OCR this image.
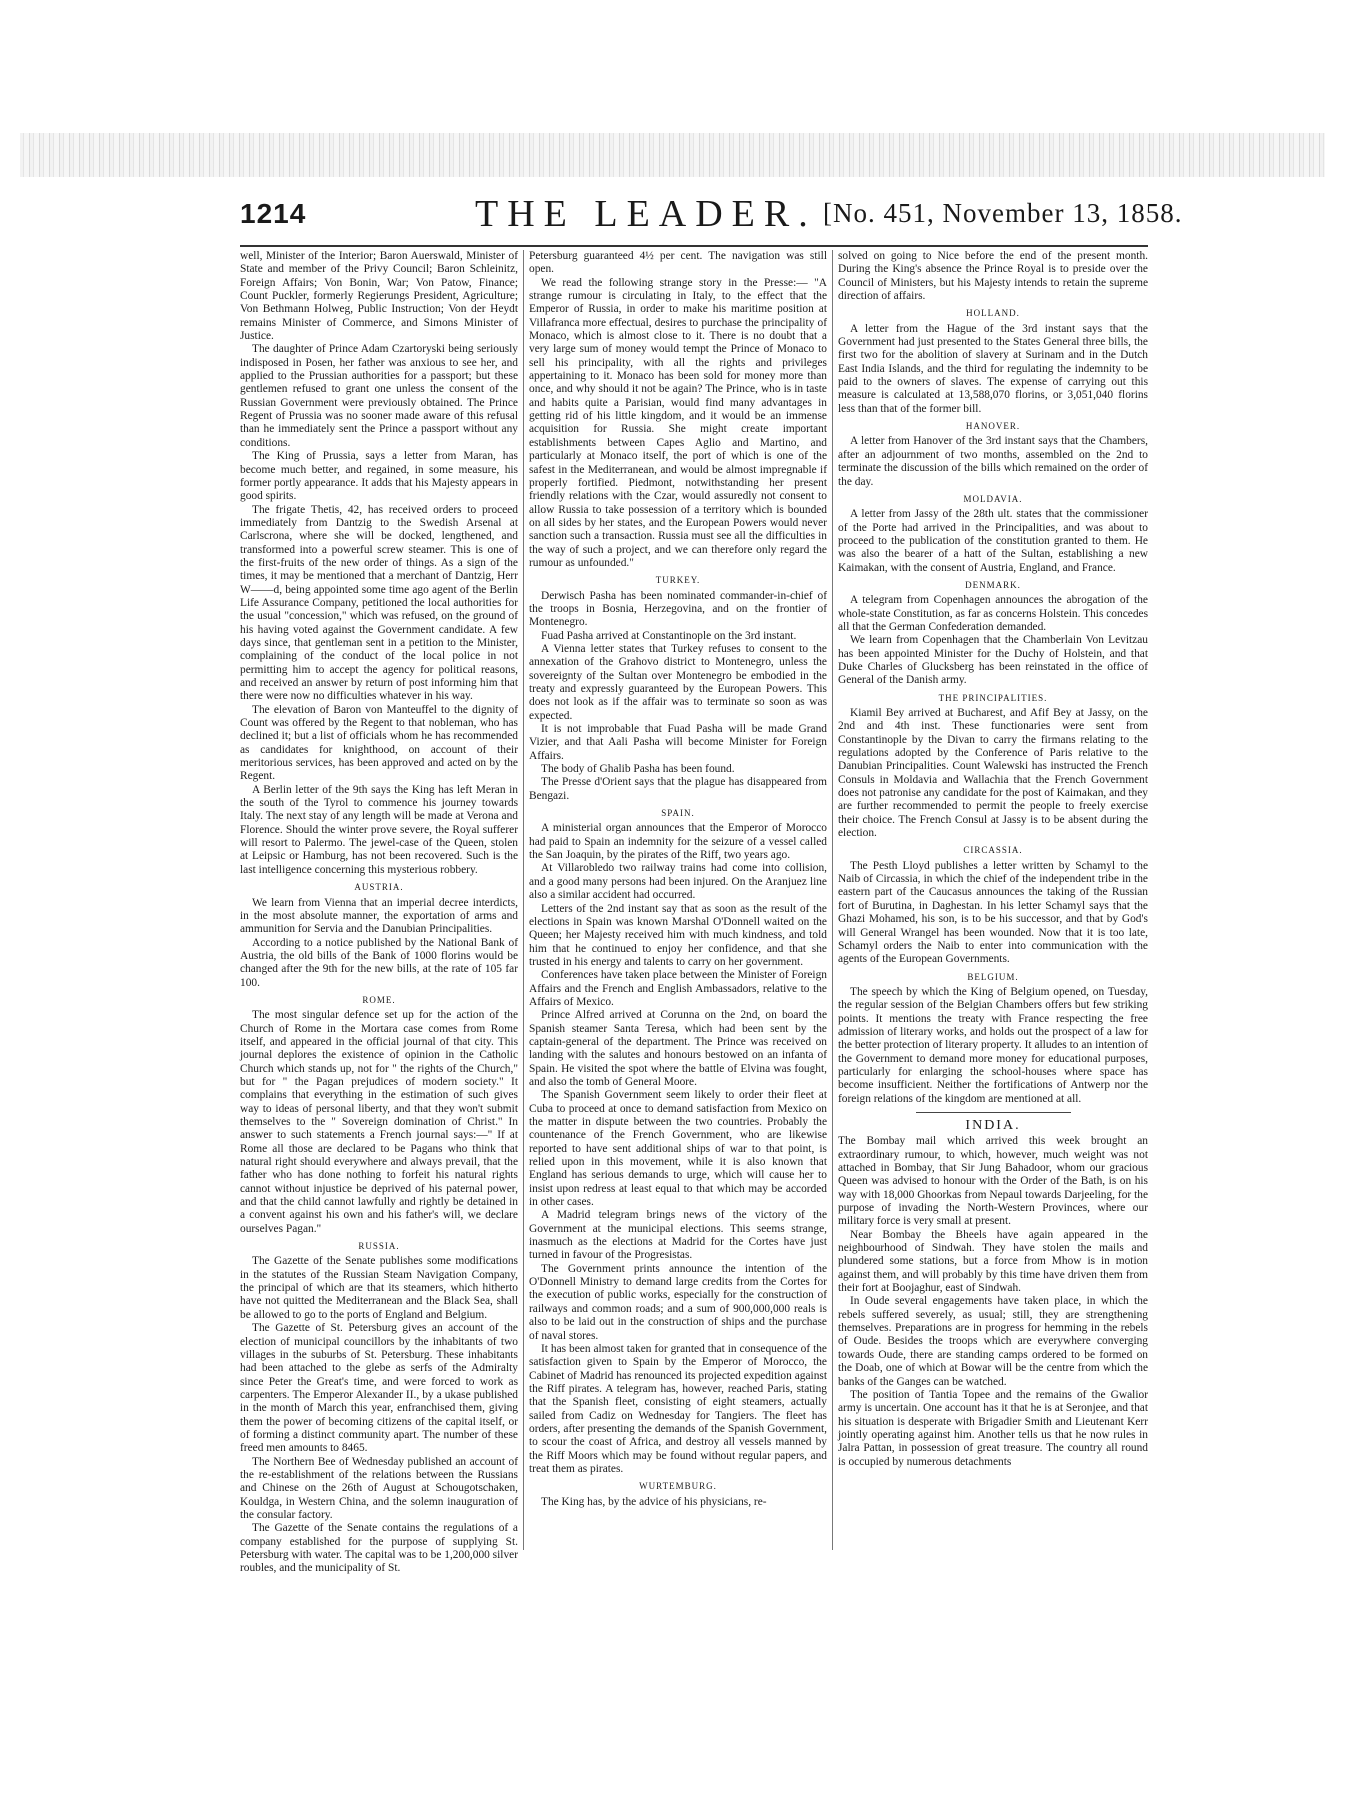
1214	THE LEADER. [No. 451, November 13, 1858.

well, Minister of the Interior; Baron Auerswald, Minister of State and member of the Privy Council; Baron Schleinitz, Foreign Affairs; Von Bonin, War; Von Patow, Finance; Count Puckler, formerly Regierungs President, Agriculture; Von Bethmann Holweg, Public Instruction; Von der Heydt remains Minister of Commerce, and Simons Minister of Justice.

The daughter of Prince Adam Czartoryski being seriously indisposed in Posen, her father was anxious to see her, and applied to the Prussian authorities for a passport; but these gentlemen refused to grant one unless the consent of the Russian Government were previously obtained. The Prince Regent of Prussia was no sooner made aware of this refusal than he immediately sent the Prince a passport without any conditions.

The King of Prussia, says a letter from Maran, has become much better, and regained, in some measure, his former portly appearance. It adds that his Majesty appears in good spirits.

The frigate Thetis, 42, has received orders to proceed immediately from Dantzig to the Swedish Arsenal at Carlscrona, where she will be docked, lengthened, and transformed into a powerful screw steamer. This is one of the first-fruits of the new order of things. As a sign of the times, it may be mentioned that a merchant of Dantzig, Herr W——d, being appointed some time ago agent of the Berlin Life Assurance Company, petitioned the local authorities for the usual "concession," which was refused, on the ground of his having voted against the Government candidate. A few days since, that gentleman sent in a petition to the Minister, complaining of the conduct of the local police in not permitting him to accept the agency for political reasons, and received an answer by return of post informing him that there were now no difficulties whatever in his way.

The elevation of Baron von Manteuffel to the dignity of Count was offered by the Regent to that nobleman, who has declined it; but a list of officials whom he has recommended as candidates for knighthood, on account of their meritorious services, has been approved and acted on by the Regent.

A Berlin letter of the 9th says the King has left Meran in the south of the Tyrol to commence his journey towards Italy. The next stay of any length will be made at Verona and Florence. Should the winter prove severe, the Royal sufferer will resort to Palermo. The jewel-case of the Queen, stolen at Leipsic or Hamburg, has not been recovered. Such is the last intelligence concerning this mysterious robbery.

AUSTRIA.

We learn from Vienna that an imperial decree interdicts, in the most absolute manner, the exportation of arms and ammunition for Servia and the Danubian Principalities.

According to a notice published by the National Bank of Austria, the old bills of the Bank of 1000 florins would be changed after the 9th for the new bills, at the rate of 105 far 100.

ROME.

The most singular defence set up for the action of the Church of Rome in the Mortara case comes from Rome itself, and appeared in the official journal of that city. This journal deplores the existence of opinion in the Catholic Church which stands up, not for " the rights of the Church," but for " the Pagan prejudices of modern society." It complains that everything in the estimation of such gives way to ideas of personal liberty, and that they won't submit themselves to the " Sovereign domination of Christ." In answer to such statements a French journal says:—" If at Rome all those are declared to be Pagans who think that natural right should everywhere and always prevail, that the father who has done nothing to forfeit his natural rights cannot without injustice be deprived of his paternal power, and that the child cannot lawfully and rightly be detained in a convent against his own and his father's will, we declare ourselves Pagan."

RUSSIA.

The Gazette of the Senate publishes some modifications in the statutes of the Russian Steam Navigation Company, the principal of which are that its steamers, which hitherto have not quitted the Mediterranean and the Black Sea, shall be allowed to go to the ports of England and Belgium.

The Gazette of St. Petersburg gives an account of the election of municipal councillors by the inhabitants of two villages in the suburbs of St. Petersburg. These inhabitants had been attached to the glebe as serfs of the Admiralty since Peter the Great's time, and were forced to work as carpenters. The Emperor Alexander II., by a ukase published in the month of March this year, enfranchised them, giving them the power of becoming citizens of the capital itself, or of forming a distinct community apart. The number of these freed men amounts to 8465.

The Northern Bee of Wednesday published an account of the re-establishment of the relations between the Russians and Chinese on the 26th of August at Schougotschaken, Kouldga, in Western China, and the solemn inauguration of the consular factory.

The Gazette of the Senate contains the regulations of a company established for the purpose of supplying St. Petersburg with water. The capital was to be 1,200,000 silver roubles, and the municipality of St.

Petersburg guaranteed 4½ per cent. The navigation was still open.

We read the following strange story in the Presse:— "A strange rumour is circulating in Italy, to the effect that the Emperor of Russia, in order to make his maritime position at Villafranca more effectual, desires to purchase the principality of Monaco, which is almost close to it. There is no doubt that a very large sum of money would tempt the Prince of Monaco to sell his principality, with all the rights and privileges appertaining to it. Monaco has been sold for money more than once, and why should it not be again? The Prince, who is in taste and habits quite a Parisian, would find many advantages in getting rid of his little kingdom, and it would be an immense acquisition for Russia. She might create important establishments between Capes Aglio and Martino, and particularly at Monaco itself, the port of which is one of the safest in the Mediterranean, and would be almost impregnable if properly fortified. Piedmont, notwithstanding her present friendly relations with the Czar, would assuredly not consent to allow Russia to take possession of a territory which is bounded on all sides by her states, and the European Powers would never sanction such a transaction. Russia must see all the difficulties in the way of such a project, and we can therefore only regard the rumour as unfounded."

TURKEY.

Derwisch Pasha has been nominated commander-in-chief of the troops in Bosnia, Herzegovina, and on the frontier of Montenegro.

Fuad Pasha arrived at Constantinople on the 3rd instant.

A Vienna letter states that Turkey refuses to consent to the annexation of the Grahovo district to Montenegro, unless the sovereignty of the Sultan over Montenegro be embodied in the treaty and expressly guaranteed by the European Powers. This does not look as if the affair was to terminate so soon as was expected.

It is not improbable that Fuad Pasha will be made Grand Vizier, and that Aali Pasha will become Minister for Foreign Affairs.

The body of Ghalib Pasha has been found.

The Presse d'Orient says that the plague has disappeared from Bengazi.

SPAIN.

A ministerial organ announces that the Emperor of Morocco had paid to Spain an indemnity for the seizure of a vessel called the San Joaquin, by the pirates of the Riff, two years ago.

At Villarobledo two railway trains had come into collision, and a good many persons had been injured. On the Aranjuez line also a similar accident had occurred.

Letters of the 2nd instant say that as soon as the result of the elections in Spain was known Marshal O'Donnell waited on the Queen; her Majesty received him with much kindness, and told him that he continued to enjoy her confidence, and that she trusted in his energy and talents to carry on her government.

Conferences have taken place between the Minister of Foreign Affairs and the French and English Ambassadors, relative to the Affairs of Mexico.

Prince Alfred arrived at Corunna on the 2nd, on board the Spanish steamer Santa Teresa, which had been sent by the captain-general of the department. The Prince was received on landing with the salutes and honours bestowed on an infanta of Spain. He visited the spot where the battle of Elvina was fought, and also the tomb of General Moore.

The Spanish Government seem likely to order their fleet at Cuba to proceed at once to demand satisfaction from Mexico on the matter in dispute between the two countries. Probably the countenance of the French Government, who are likewise reported to have sent additional ships of war to that point, is relied upon in this movement, while it is also known that England has serious demands to urge, which will cause her to insist upon redress at least equal to that which may be accorded in other cases.

A Madrid telegram brings news of the victory of the Government at the municipal elections. This seems strange, inasmuch as the elections at Madrid for the Cortes have just turned in favour of the Progresistas.

The Government prints announce the intention of the O'Donnell Ministry to demand large credits from the Cortes for the execution of public works, especially for the construction of railways and common roads; and a sum of 900,000,000 reals is also to be laid out in the construction of ships and the purchase of naval stores.

It has been almost taken for granted that in consequence of the satisfaction given to Spain by the Emperor of Morocco, the Cabinet of Madrid has renounced its projected expedition against the Riff pirates. A telegram has, however, reached Paris, stating that the Spanish fleet, consisting of eight steamers, actually sailed from Cadiz on Wednesday for Tangiers. The fleet has orders, after presenting the demands of the Spanish Government, to scour the coast of Africa, and destroy all vessels manned by the Riff Moors which may be found without regular papers, and treat them as pirates.

WURTEMBURG.

The King has, by the advice of his physicians, re-

solved on going to Nice before the end of the present month. During the King's absence the Prince Royal is to preside over the Council of Ministers, but his Majesty intends to retain the supreme direction of affairs.

HOLLAND.

A letter from the Hague of the 3rd instant says that the Government had just presented to the States General three bills, the first two for the abolition of slavery at Surinam and in the Dutch East India Islands, and the third for regulating the indemnity to be paid to the owners of slaves. The expense of carrying out this measure is calculated at 13,588,070 florins, or 3,051,040 florins less than that of the former bill.

HANOVER.

A letter from Hanover of the 3rd instant says that the Chambers, after an adjournment of two months, assembled on the 2nd to terminate the discussion of the bills which remained on the order of the day.

MOLDAVIA.

A letter from Jassy of the 28th ult. states that the commissioner of the Porte had arrived in the Principalities, and was about to proceed to the publication of the constitution granted to them. He was also the bearer of a hatt of the Sultan, establishing a new Kaimakan, with the consent of Austria, England, and France.

DENMARK.

A telegram from Copenhagen announces the abrogation of the whole-state Constitution, as far as concerns Holstein. This concedes all that the German Confederation demanded.

We learn from Copenhagen that the Chamberlain Von Levitzau has been appointed Minister for the Duchy of Holstein, and that Duke Charles of Glucksberg has been reinstated in the office of General of the Danish army.

THE PRINCIPALITIES.

Kiamil Bey arrived at Bucharest, and Afif Bey at Jassy, on the 2nd and 4th inst. These functionaries were sent from Constantinople by the Divan to carry the firmans relating to the regulations adopted by the Conference of Paris relative to the Danubian Principalities. Count Walewski has instructed the French Consuls in Moldavia and Wallachia that the French Government does not patronise any candidate for the post of Kaimakan, and they are further recommended to permit the people to freely exercise their choice. The French Consul at Jassy is to be absent during the election.

CIRCASSIA.

The Pesth Lloyd publishes a letter written by Schamyl to the Naib of Circassia, in which the chief of the independent tribe in the eastern part of the Caucasus announces the taking of the Russian fort of Burutina, in Daghestan. In his letter Schamyl says that the Ghazi Mohamed, his son, is to be his successor, and that by God's will General Wrangel has been wounded. Now that it is too late, Schamyl orders the Naib to enter into communication with the agents of the European Governments.

BELGIUM.

The speech by which the King of Belgium opened, on Tuesday, the regular session of the Belgian Chambers offers but few striking points. It mentions the treaty with France respecting the free admission of literary works, and holds out the prospect of a law for the better protection of literary property. It alludes to an intention of the Government to demand more money for educational purposes, particularly for enlarging the school-houses where space has become insufficient. Neither the fortifications of Antwerp nor the foreign relations of the kingdom are mentioned at all.

INDIA.

The Bombay mail which arrived this week brought an extraordinary rumour, to which, however, much weight was not attached in Bombay, that Sir Jung Bahadoor, whom our gracious Queen was advised to honour with the Order of the Bath, is on his way with 18,000 Ghoorkas from Nepaul towards Darjeeling, for the purpose of invading the North-Western Provinces, where our military force is very small at present.

Near Bombay the Bheels have again appeared in the neighbourhood of Sindwah. They have stolen the mails and plundered some stations, but a force from Mhow is in motion against them, and will probably by this time have driven them from their fort at Boojaghur, east of Sindwah.

In Oude several engagements have taken place, in which the rebels suffered severely, as usual; still, they are strengthening themselves. Preparations are in progress for hemming in the rebels of Oude. Besides the troops which are everywhere converging towards Oude, there are standing camps ordered to be formed on the Doab, one of which at Bowar will be the centre from which the banks of the Ganges can be watched.

The position of Tantia Topee and the remains of the Gwalior army is uncertain. One account has it that he is at Seronjee, and that his situation is desperate with Brigadier Smith and Lieutenant Kerr jointly operating against him. Another tells us that he now rules in Jalra Pattan, in possession of great treasure. The country all round is occupied by numerous detachments
